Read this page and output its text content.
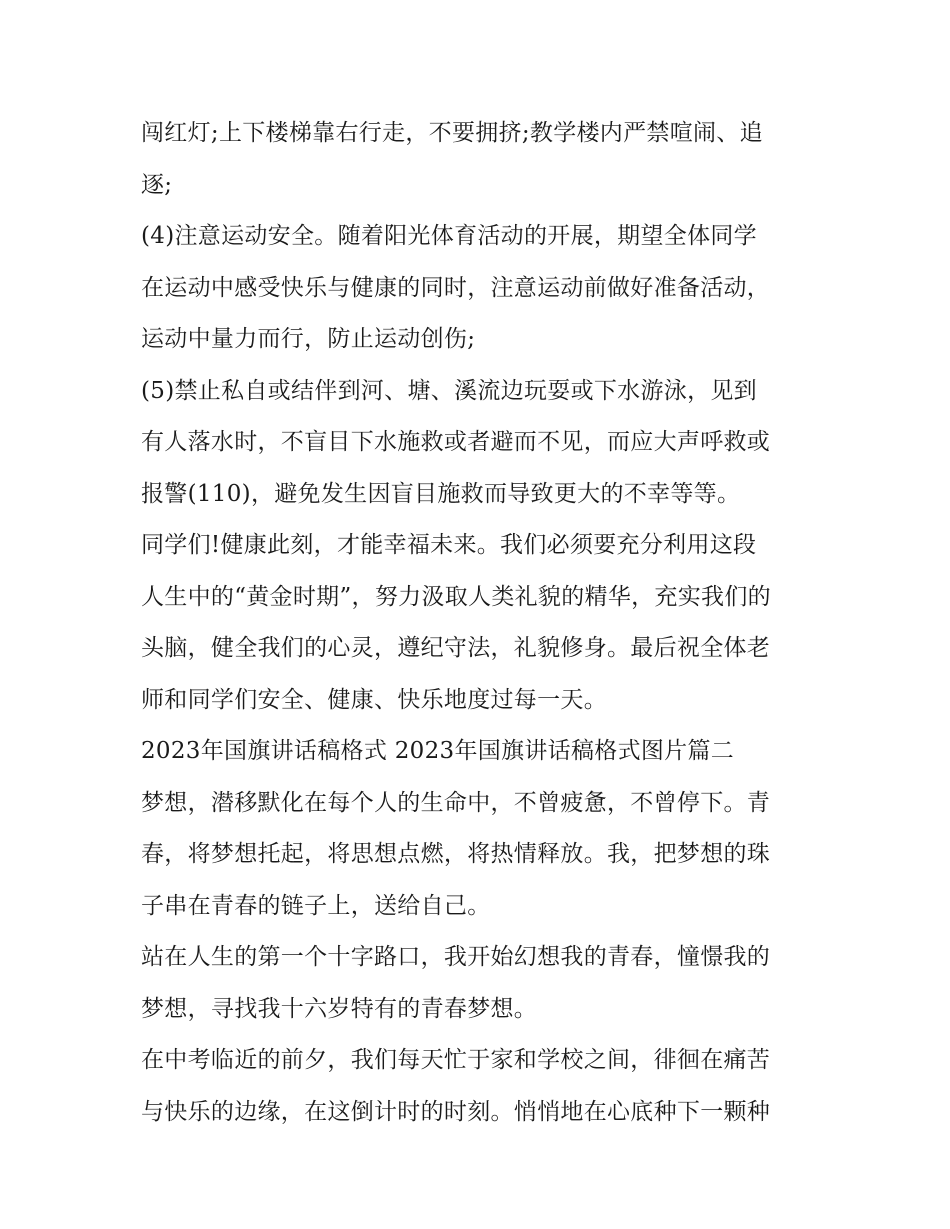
闯红灯;上下楼梯靠右行走，不要拥挤;教学楼内严禁喧闹、追
逐;
(4)注意运动安全。随着阳光体育活动的开展，期望全体同学
在运动中感受快乐与健康的同时，注意运动前做好准备活动，
运动中量力而行，防止运动创伤;
(5)禁止私自或结伴到河、塘、溪流边玩耍或下水游泳，见到
有人落水时，不盲目下水施救或者避而不见，而应大声呼救或
报警(110)，避免发生因盲目施救而导致更大的不幸等等。
同学们!健康此刻，才能幸福未来。我们必须要充分利用这段
人生中的“黄金时期”，努力汲取人类礼貌的精华，充实我们的
头脑，健全我们的心灵，遵纪守法，礼貌修身。最后祝全体老
师和同学们安全、健康、快乐地度过每一天。
2023年国旗讲话稿格式 2023年国旗讲话稿格式图片篇二
梦想，潜移默化在每个人的生命中，不曾疲惫，不曾停下。青
春，将梦想托起，将思想点燃，将热情释放。我，把梦想的珠
子串在青春的链子上，送给自己。
站在人生的第一个十字路口，我开始幻想我的青春，憧憬我的
梦想，寻找我十六岁特有的青春梦想。
在中考临近的前夕，我们每天忙于家和学校之间，徘徊在痛苦
与快乐的边缘，在这倒计时的时刻。悄悄地在心底种下一颗种
